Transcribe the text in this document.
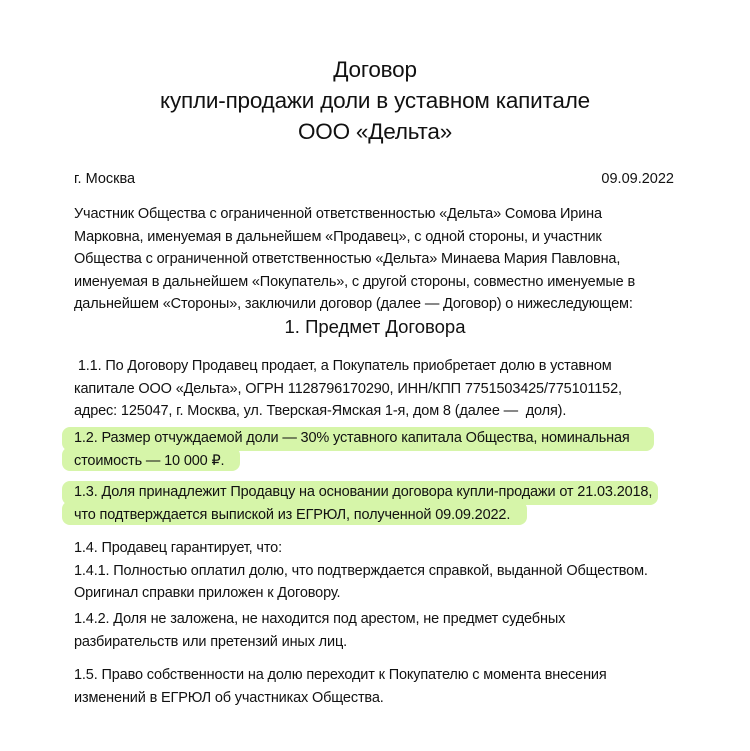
Договор
купли-продажи доли в уставном капитале
ООО «Дельта»
г. Москва	09.09.2022
Участник Общества с ограниченной ответственностью «Дельта» Сомова Ирина
Марковна, именуемая в дальнейшем «Продавец», с одной стороны, и участник
Общества с ограниченной ответственностью «Дельта» Минаева Мария Павловна,
именуемая в дальнейшем «Покупатель», с другой стороны, совместно именуемые в
дальнейшем «Стороны», заключили договор (далее — Договор) о нижеследующем:
1. Предмет Договора
1.1. По Договору Продавец продает, а Покупатель приобретает долю в уставном
капитале ООО «Дельта», ОГРН 1128796170290, ИНН/КПП 7751503425/775101152,
адрес: 125047, г. Москва, ул. Тверская-Ямская 1-я, дом 8 (далее —  доля).
1.2. Размер отчуждаемой доли — 30% уставного капитала Общества, номинальная
стоимость — 10 000 ₽.
1.3. Доля принадлежит Продавцу на основании договора купли-продажи от 21.03.2018,
что подтверждается выпиской из ЕГРЮЛ, полученной 09.09.2022.
1.4. Продавец гарантирует, что:
1.4.1. Полностью оплатил долю, что подтверждается справкой, выданной Обществом.
Оригинал справки приложен к Договору.
1.4.2. Доля не заложена, не находится под арестом, не предмет судебных
разбирательств или претензий иных лиц.
1.5. Право собственности на долю переходит к Покупателю с момента внесения
изменений в ЕГРЮЛ об участниках Общества.
